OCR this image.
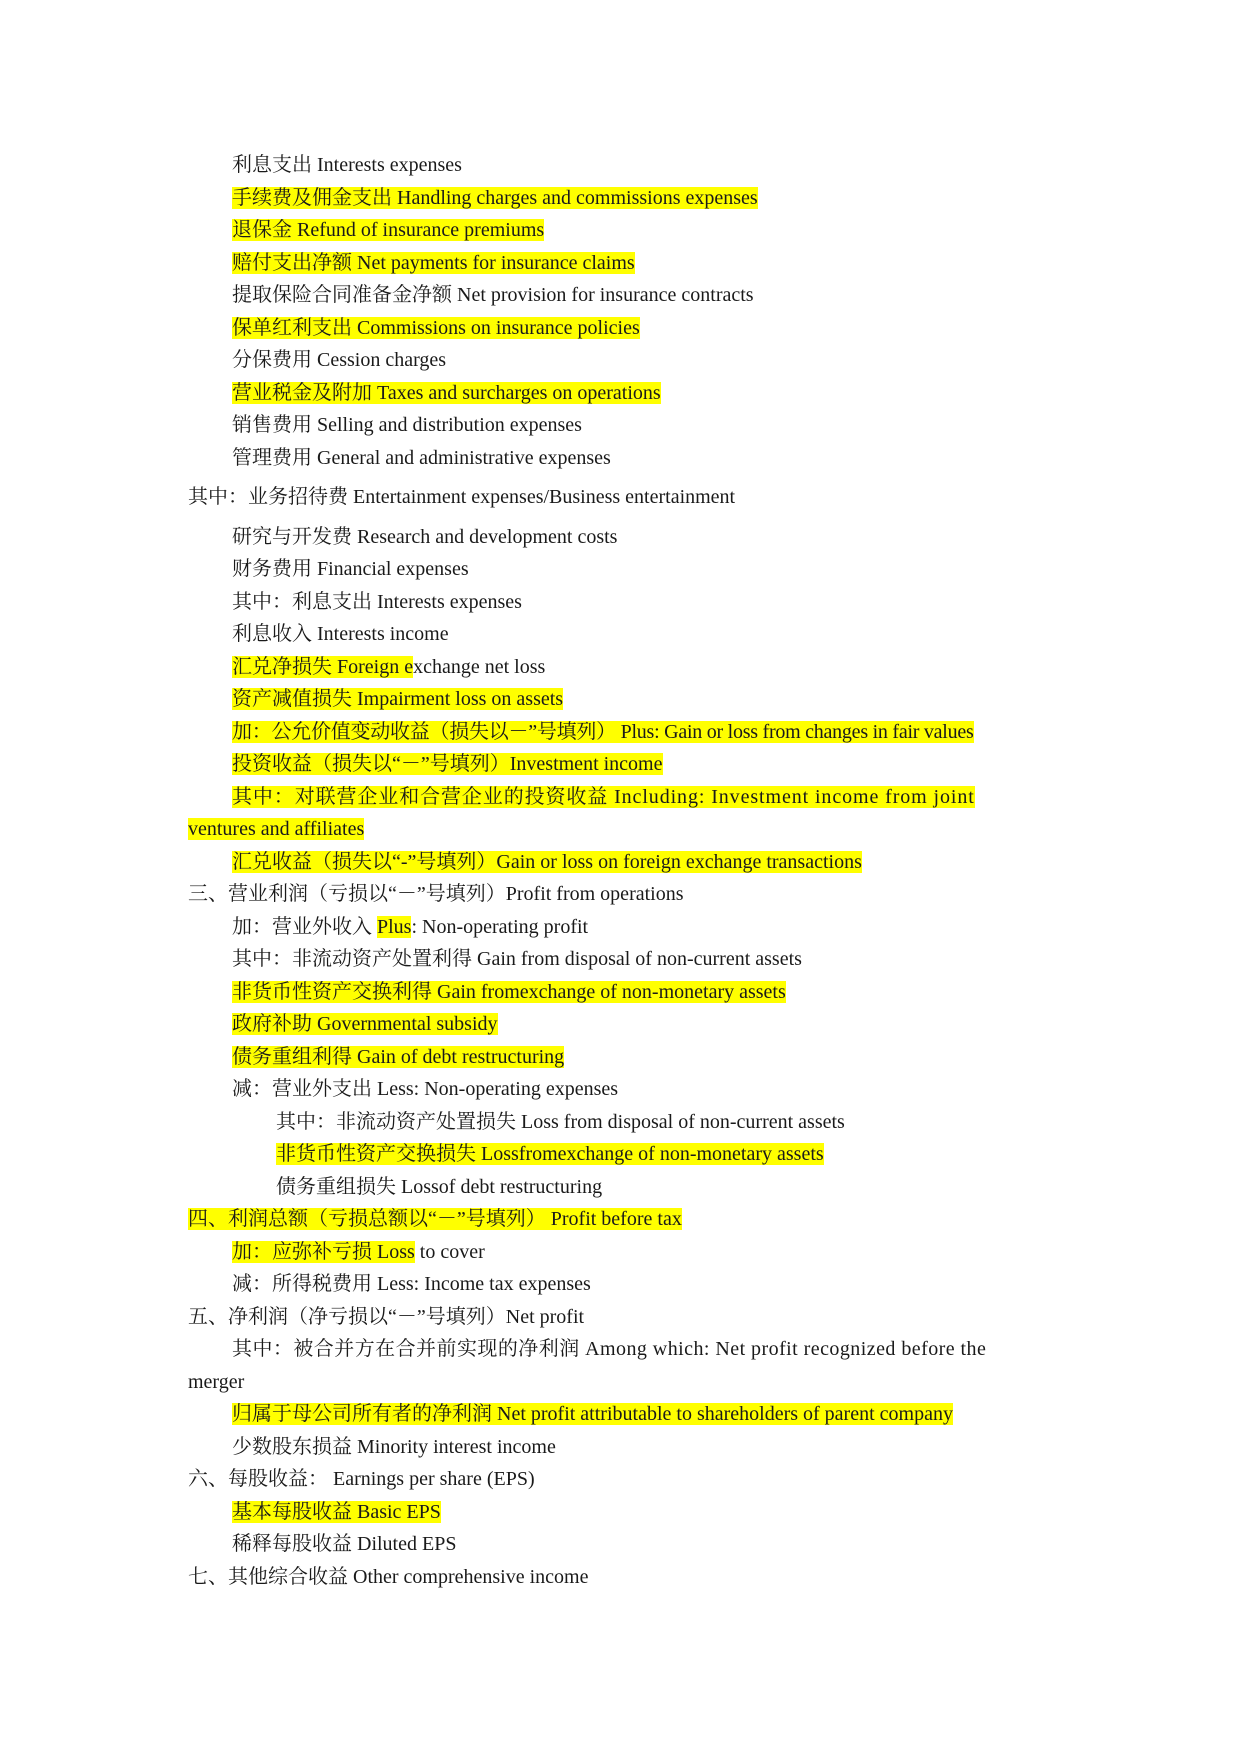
利息支出 Interests expenses
手续费及佣金支出 Handling charges and commissions expenses
退保金 Refund of insurance premiums
赔付支出净额 Net payments for insurance claims
提取保险合同准备金净额 Net provision for insurance contracts
保单红利支出 Commissions on insurance policies
分保费用 Cession charges
营业税金及附加 Taxes and surcharges on operations
销售费用 Selling and distribution expenses
管理费用 General and administrative expenses
其中：业务招待费 Entertainment expenses/Business entertainment
研究与开发费 Research and development costs
财务费用 Financial expenses
其中：利息支出 Interests expenses
利息收入 Interests income
汇兑净损失 Foreign exchange net loss
资产减值损失 Impairment loss on assets
加：公允价值变动收益（损失以－”号填列） Plus: Gain or loss from changes in fair values
投资收益（损失以“－”号填列）Investment income
其中：对联营企业和合营企业的投资收益 Including: Investment income from joint
ventures and affiliates
汇兑收益（损失以“-”号填列）Gain or loss on foreign exchange transactions
三、营业利润（亏损以“－”号填列）Profit from operations
加：营业外收入 Plus: Non-operating profit
其中：非流动资产处置利得 Gain from disposal of non-current assets
非货币性资产交换利得 Gain fromexchange of non-monetary assets
政府补助 Governmental subsidy
债务重组利得 Gain of debt restructuring
减：营业外支出 Less: Non-operating expenses
其中：非流动资产处置损失 Loss from disposal of non-current assets
非货币性资产交换损失 Lossfromexchange of non-monetary assets
债务重组损失 Lossof debt restructuring
四、利润总额（亏损总额以“－”号填列） Profit before tax
加：应弥补亏损 Loss to cover
减：所得税费用 Less: Income tax expenses
五、净利润（净亏损以“－”号填列）Net profit
其中：被合并方在合并前实现的净利润 Among which: Net profit recognized before the
merger
归属于母公司所有者的净利润 Net profit attributable to shareholders of parent company
少数股东损益 Minority interest income
六、每股收益： Earnings per share (EPS)
基本每股收益 Basic EPS
稀释每股收益 Diluted EPS
七、其他综合收益 Other comprehensive income
